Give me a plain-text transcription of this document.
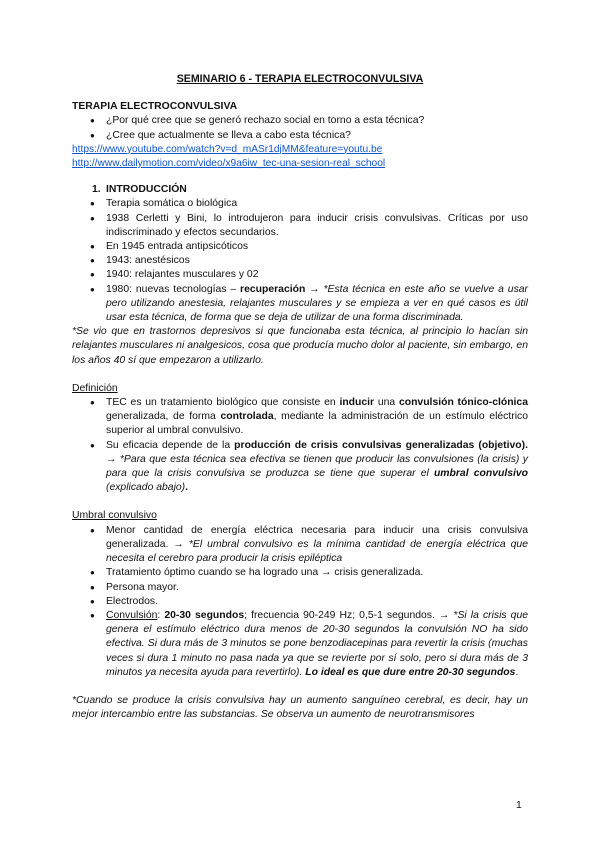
SEMINARIO 6 - TERAPIA ELECTROCONVULSIVA

TERAPIA ELECTROCONVULSIVA

● ¿Por qué cree que se generó rechazo social en torno a esta técnica?
● ¿Cree que actualmente se lleva a cabo esta técnica?
https://www.youtube.com/watch?v=d_mASr1djMM&feature=youtu.be
http://www.dailymotion.com/video/x9a6iw_tec-una-sesion-real_school

1. INTRODUCCIÓN

● Terapia somática o biológica
● 1938 Cerletti y Bini, lo introdujeron para inducir crisis convulsivas. Críticas por uso indiscriminado y efectos secundarios.
● En 1945 entrada antipsicóticos
● 1943: anestésicos
● 1940: relajantes musculares y 02
● 1980: nuevas tecnologías – recuperación → *Esta técnica en este año se vuelve a usar pero utilizando anestesia, relajantes musculares y se empieza a ver en qué casos es útil usar esta técnica, de forma que se deja de utilizar de una forma discriminada.

*Se vio que en trastornos depresivos si que funcionaba esta técnica, al principio lo hacían sin relajantes musculares ni analgesicos, cosa que producía mucho dolor al paciente, sin embargo, en los años 40 sí que empezaron a utilizarlo.

Definición

● TEC es un tratamiento biológico que consiste en inducir una convulsión tónico-clónica generalizada, de forma controlada, mediante la administración de un estímulo eléctrico superior al umbral convulsivo.
● Su eficacia depende de la producción de crisis convulsivas generalizadas (objetivo). → *Para que esta técnica sea efectiva se tienen que producir las convulsiones (la crisis) y para que la crisis convulsiva se produzca se tiene que superar el umbral convulsivo (explicado abajo).

Umbral convulsivo

● Menor cantidad de energía eléctrica necesaria para inducir una crisis convulsiva generalizada. → *El umbral convulsivo es la mínima cantidad de energía eléctrica que necesita el cerebro para producir la crisis epiléptica
● Tratamiento óptimo cuando se ha logrado una → crisis generalizada.
● Persona mayor.
● Electrodos.
● Convulsión: 20-30 segundos; frecuencia 90-249 Hz; 0,5-1 segundos. → *Si la crisis que genera el estímulo eléctrico dura menos de 20-30 segundos la convulsión NO ha sido efectiva. Si dura más de 3 minutos se pone benzodiacepinas para revertir la crisis (muchas veces si dura 1 minuto no pasa nada ya que se revierte por sí solo, pero si dura más de 3 minutos ya necesita ayuda para revertirlo). Lo ideal es que dure entre 20-30 segundos.

*Cuando se produce la crisis convulsiva hay un aumento sanguíneo cerebral, es decir, hay un mejor intercambio entre las substancias. Se observa un aumento de neurotransmisores

1
